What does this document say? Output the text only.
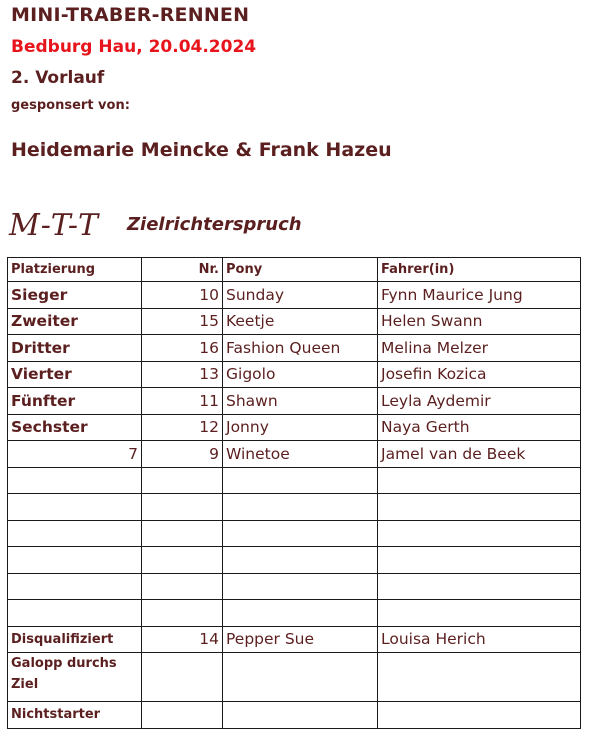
MINI-TRABER-RENNEN
Bedburg Hau, 20.04.2024
2. Vorlauf
gesponsert von:
Heidemarie Meincke & Frank Hazeu
M-T-T Zielrichterspruch
Platzierung	Nr.	Pony	Fahrer(in)
Sieger	10	Sunday	Fynn Maurice Jung
Zweiter	15	Keetje	Helen Swann
Dritter	16	Fashion Queen	Melina Melzer
Vierter	13	Gigolo	Josefin Kozica
Fünfter	11	Shawn	Leyla Aydemir
Sechster	12	Jonny	Naya Gerth
7	9	Winetoe	Jamel van de Beek

Disqualifiziert	14	Pepper Sue	Louisa Herich
Galopp durchs Ziel			
Nichtstarter			
